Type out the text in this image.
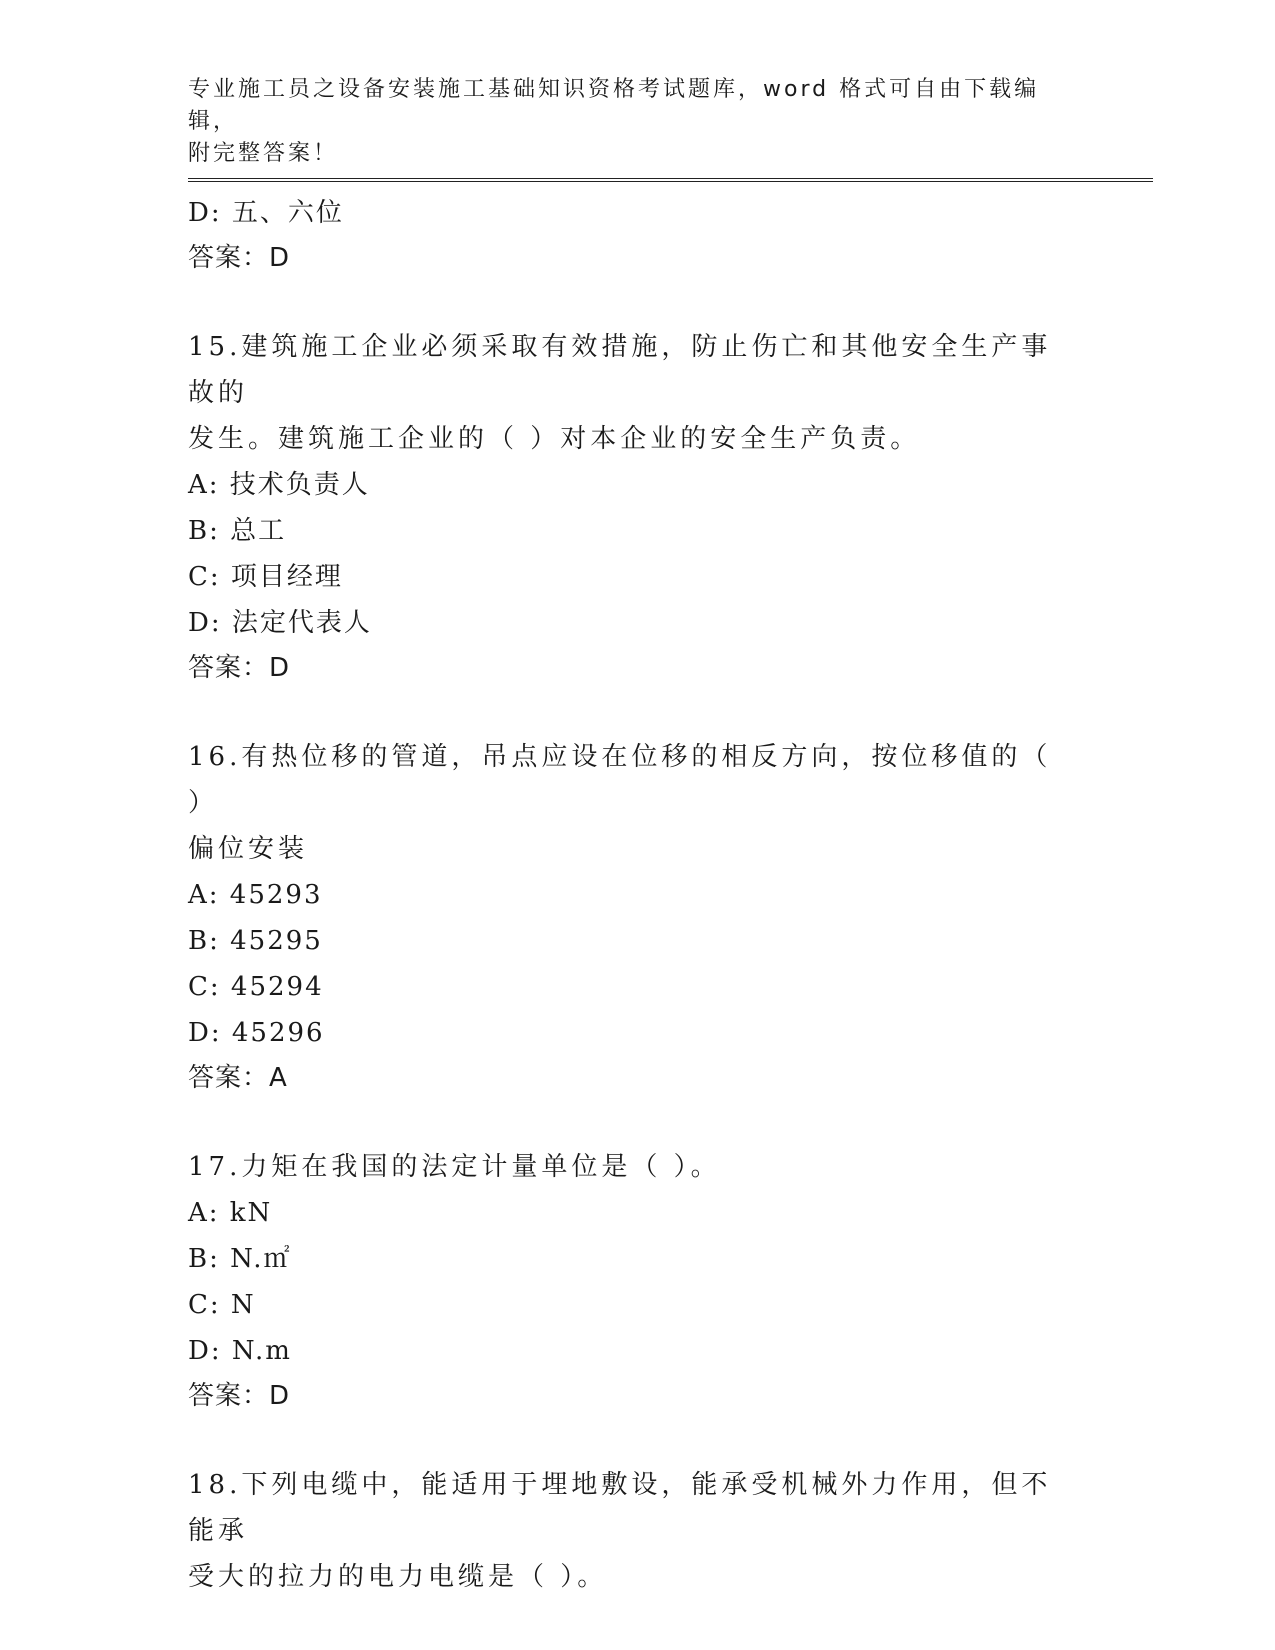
专业施工员之设备安装施工基础知识资格考试题库，word 格式可自由下载编辑，
附完整答案！
D: 五、六位
答案：D
15.建筑施工企业必须采取有效措施，防止伤亡和其他安全生产事故的
发生。建筑施工企业的（ ）对本企业的安全生产负责。
A: 技术负责人
B: 总工
C: 项目经理
D: 法定代表人
答案：D
16.有热位移的管道，吊点应设在位移的相反方向，按位移值的（ ）
偏位安装
A: 45293
B: 45295
C: 45294
D: 45296
答案：A
17.力矩在我国的法定计量单位是（ ）。
A: kN
B: N.㎡
C: N
D: N.m
答案：D
18.下列电缆中，能适用于埋地敷设，能承受机械外力作用，但不能承
受大的拉力的电力电缆是（ ）。
